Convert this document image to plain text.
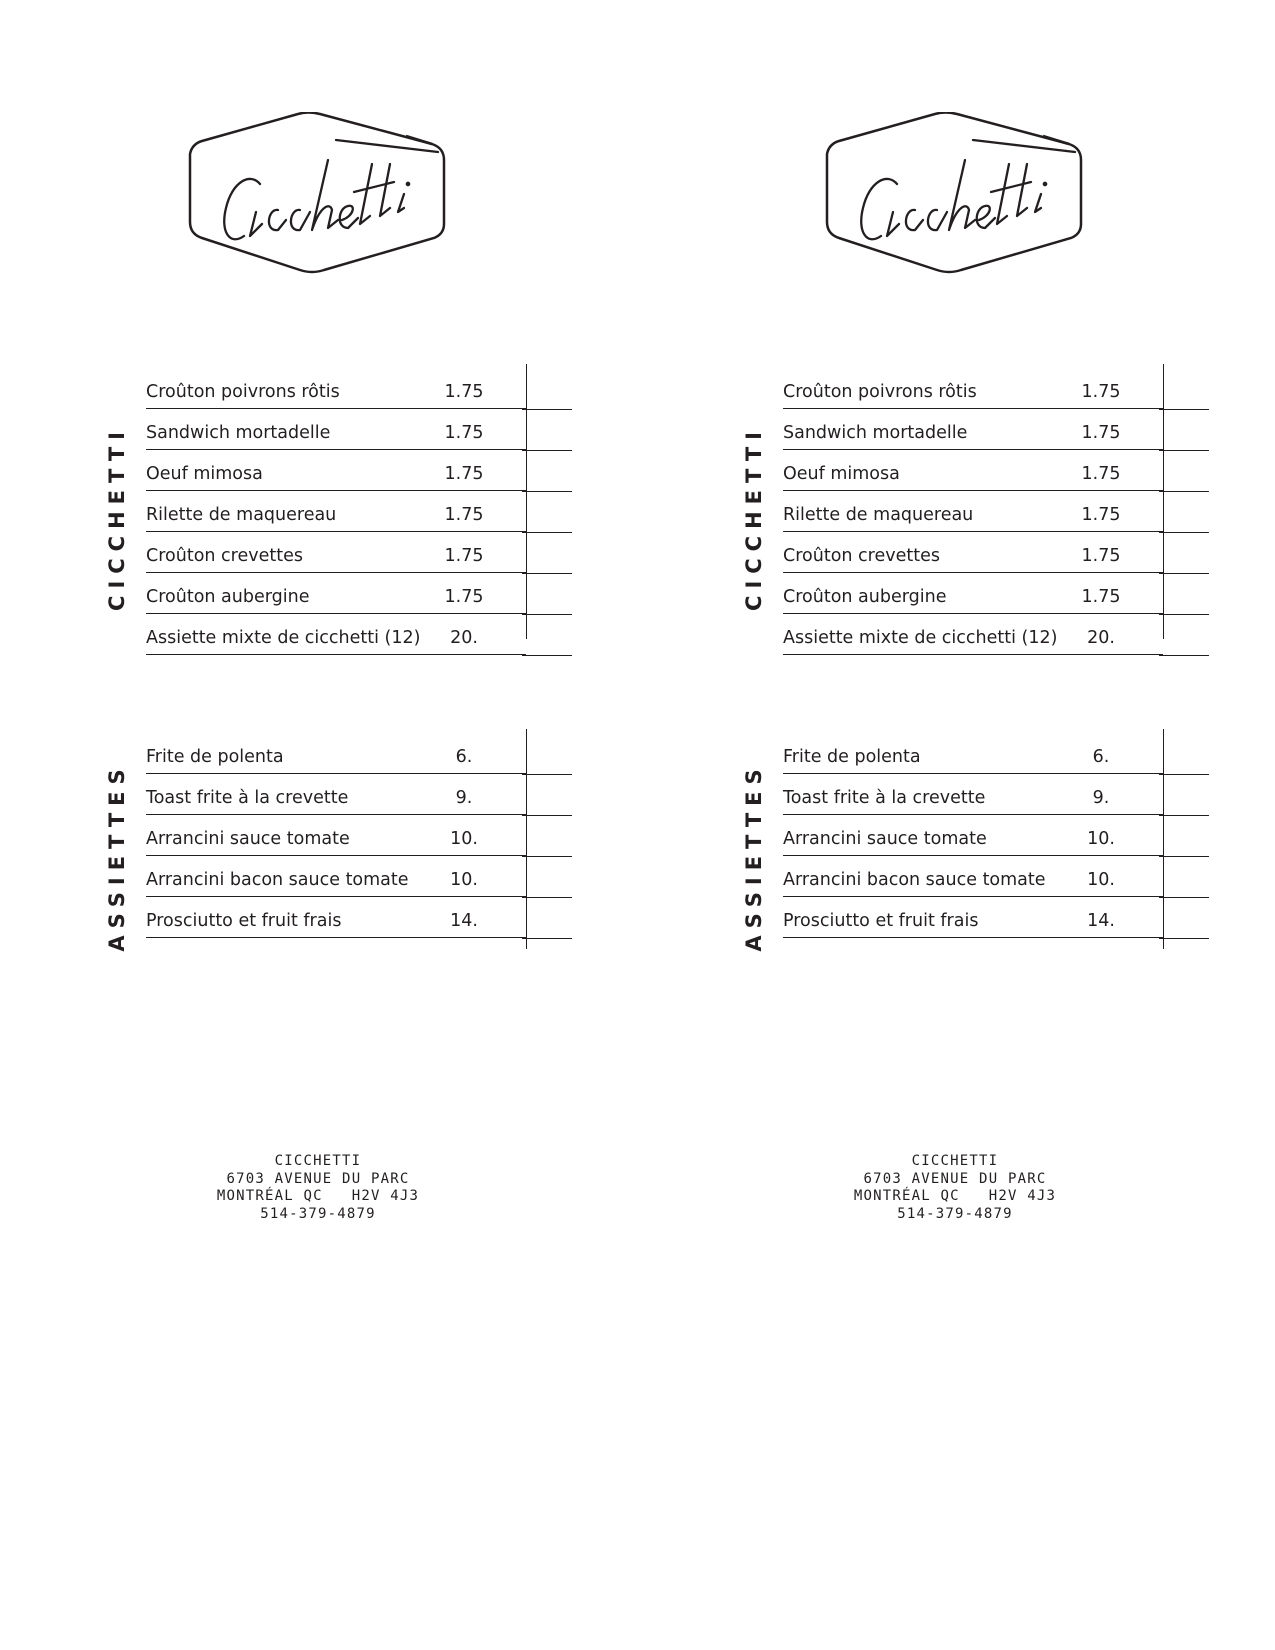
CICCHETTI
Croûton poivrons rôtis	1.75
Sandwich mortadelle	1.75
Oeuf mimosa	1.75
Rilette de maquereau	1.75
Croûton crevettes	1.75
Croûton aubergine	1.75
Assiette mixte de cicchetti (12)	20.
ASSIETTES
Frite de polenta	6.
Toast frite à la crevette	9.
Arrancini sauce tomate	10.
Arrancini bacon sauce tomate	10.
Prosciutto et fruit frais	14.
CICCHETTI
6703 AVENUE DU PARC
MONTRÉAL QC   H2V 4J3
514-379-4879
CICCHETTI
Croûton poivrons rôtis	1.75
Sandwich mortadelle	1.75
Oeuf mimosa	1.75
Rilette de maquereau	1.75
Croûton crevettes	1.75
Croûton aubergine	1.75
Assiette mixte de cicchetti (12)	20.
ASSIETTES
Frite de polenta	6.
Toast frite à la crevette	9.
Arrancini sauce tomate	10.
Arrancini bacon sauce tomate	10.
Prosciutto et fruit frais	14.
CICCHETTI
6703 AVENUE DU PARC
MONTRÉAL QC   H2V 4J3
514-379-4879
